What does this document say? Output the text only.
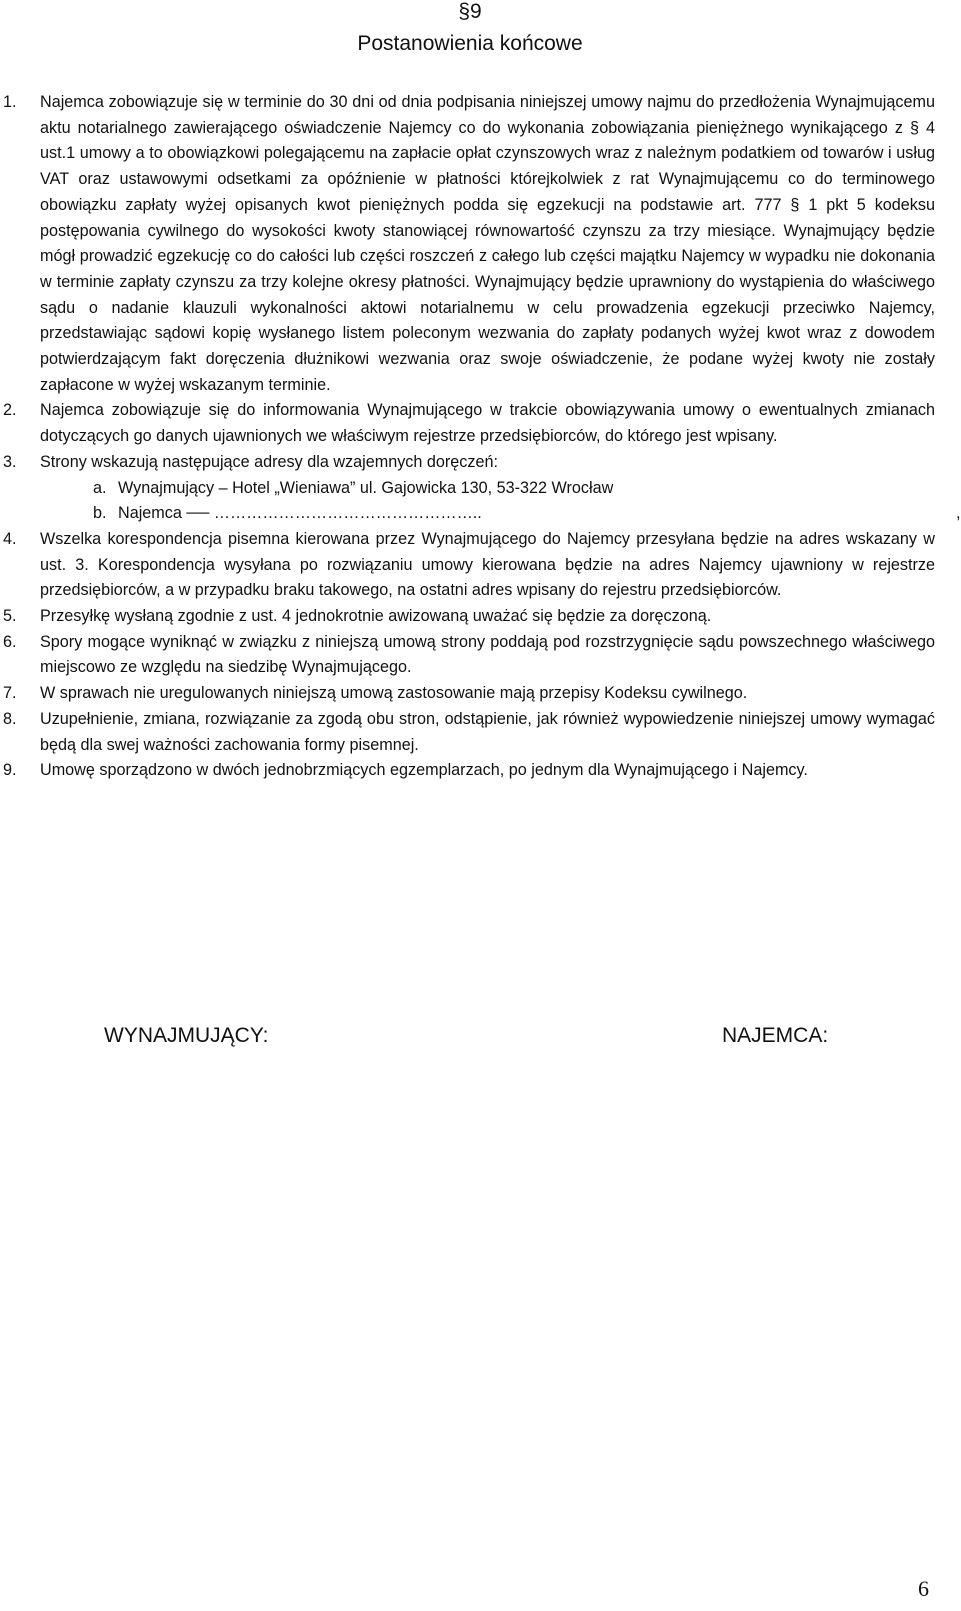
§9
Postanowienia końcowe
1. Najemca zobowiązuje się w terminie do 30 dni od dnia podpisania niniejszej umowy najmu do przedłożenia Wynajmującemu aktu notarialnego zawierającego oświadczenie Najemcy co do wykonania zobowiązania pieniężnego wynikającego z § 4 ust.1 umowy a to obowiązkowi polegającemu na zapłacie opłat czynszowych wraz z należnym podatkiem od towarów i usług VAT oraz ustawowymi odsetkami za opóźnienie w płatności którejkolwiek z rat Wynajmującemu co do terminowego obowiązku zapłaty wyżej opisanych kwot pieniężnych podda się egzekucji na podstawie art. 777 § 1 pkt 5 kodeksu postępowania cywilnego do wysokości kwoty stanowiącej równowartość czynszu za trzy miesiące. Wynajmujący będzie mógł prowadzić egzekucję co do całości lub części roszczeń z całego lub części majątku Najemcy w wypadku nie dokonania w terminie zapłaty czynszu za trzy kolejne okresy płatności. Wynajmujący będzie uprawniony do wystąpienia do właściwego sądu o nadanie klauzuli wykonalności aktowi notarialnemu w celu prowadzenia egzekucji przeciwko Najemcy, przedstawiając sądowi kopię wysłanego listem poleconym wezwania do zapłaty podanych wyżej kwot wraz z dowodem potwierdzającym fakt doręczenia dłużnikowi wezwania oraz swoje oświadczenie, że podane wyżej kwoty nie zostały zapłacone w wyżej wskazanym terminie.
2. Najemca zobowiązuje się do informowania Wynajmującego w trakcie obowiązywania umowy o ewentualnych zmianach dotyczących go danych ujawnionych we właściwym rejestrze przedsiębiorców, do którego jest wpisany.
3. Strony wskazują następujące adresy dla wzajemnych doręczeń:
a. Wynajmujący – Hotel „Wieniawa” ul. Gajowicka 130, 53-322 Wrocław
b. Najemca ── …………………………………………..	,
4. Wszelka korespondencja pisemna kierowana przez Wynajmującego do Najemcy przesyłana będzie na adres wskazany w ust. 3. Korespondencja wysyłana po rozwiązaniu umowy kierowana będzie na adres Najemcy ujawniony w rejestrze przedsiębiorców, a w przypadku braku takowego, na ostatni adres wpisany do rejestru przedsiębiorców.
5. Przesyłkę wysłaną zgodnie z ust. 4 jednokrotnie awizowaną uważać się będzie za doręczoną.
6. Spory mogące wyniknąć w związku z niniejszą umową strony poddają pod rozstrzygnięcie sądu powszechnego właściwego miejscowo ze względu na siedzibę Wynajmującego.
7. W sprawach nie uregulowanych niniejszą umową zastosowanie mają przepisy Kodeksu cywilnego.
8. Uzupełnienie, zmiana, rozwiązanie za zgodą obu stron, odstąpienie, jak również wypowiedzenie niniejszej umowy wymagać będą dla swej ważności zachowania formy pisemnej.
9. Umowę sporządzono w dwóch jednobrzmiących egzemplarzach, po jednym dla Wynajmującego i Najemcy.
WYNAJMUJĄCY:	NAJEMCA:
6
